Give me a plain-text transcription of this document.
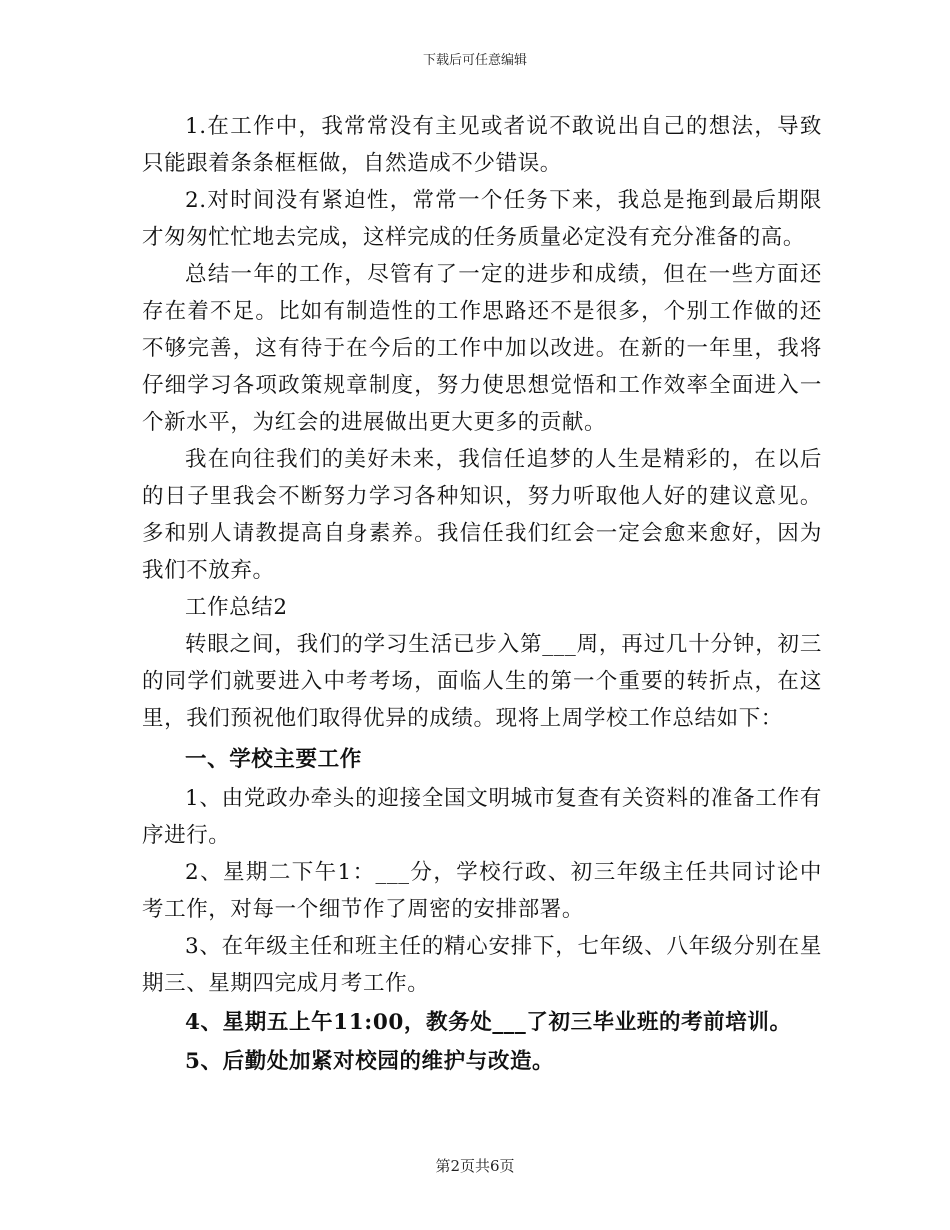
下载后可任意编辑

1.在工作中，我常常没有主见或者说不敢说出自己的想法，导致只能跟着条条框框做，自然造成不少错误。

2.对时间没有紧迫性，常常一个任务下来，我总是拖到最后期限才匆匆忙忙地去完成，这样完成的任务质量必定没有充分准备的高。

总结一年的工作，尽管有了一定的进步和成绩，但在一些方面还存在着不足。比如有制造性的工作思路还不是很多，个别工作做的还不够完善，这有待于在今后的工作中加以改进。在新的一年里，我将仔细学习各项政策规章制度，努力使思想觉悟和工作效率全面进入一个新水平，为红会的进展做出更大更多的贡献。

我在向往我们的美好未来，我信任追梦的人生是精彩的，在以后的日子里我会不断努力学习各种知识，努力听取他人好的建议意见。多和别人请教提高自身素养。我信任我们红会一定会愈来愈好，因为我们不放弃。

工作总结2

转眼之间，我们的学习生活已步入第___周，再过几十分钟，初三的同学们就要进入中考考场，面临人生的第一个重要的转折点，在这里，我们预祝他们取得优异的成绩。现将上周学校工作总结如下：

一、学校主要工作

1、由党政办牵头的迎接全国文明城市复查有关资料的准备工作有序进行。

2、星期二下午1：___分，学校行政、初三年级主任共同讨论中考工作，对每一个细节作了周密的安排部署。

3、在年级主任和班主任的精心安排下，七年级、八年级分别在星期三、星期四完成月考工作。

4、星期五上午11:00，教务处___了初三毕业班的考前培训。

5、后勤处加紧对校园的维护与改造。

第2页共6页
